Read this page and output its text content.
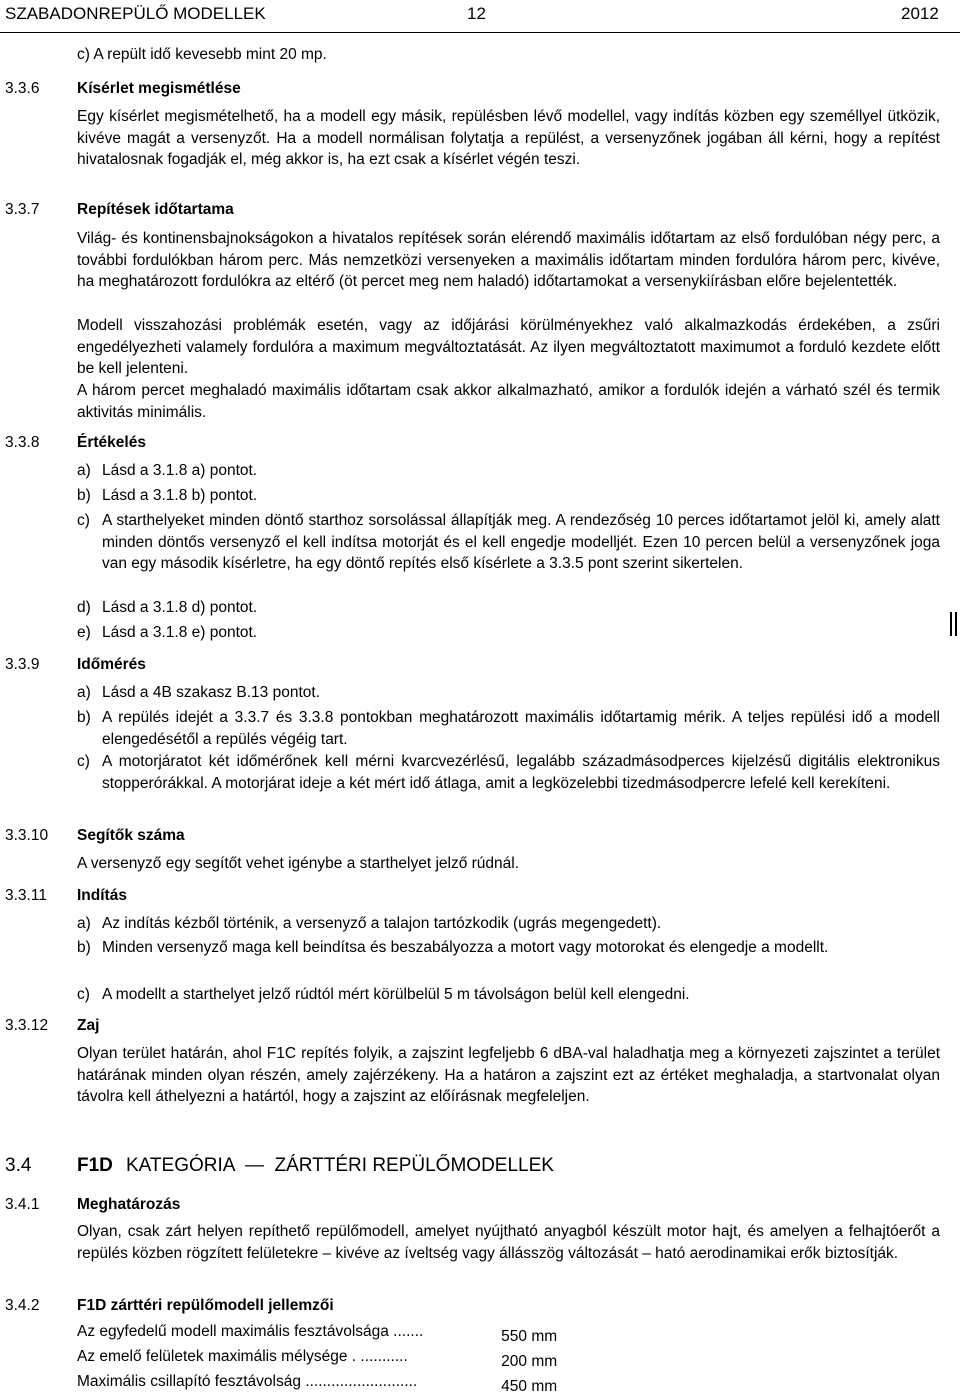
SZABADONREPÜLŐ MODELLEK	12	2012
c) A repült idő kevesebb mint 20 mp.
3.3.6 Kísérlet megismétlése
Egy kísérlet megismételhető, ha a modell egy másik, repülésben lévő modellel, vagy indítás közben egy személlyel ütközik, kivéve magát a versenyzőt. Ha a modell normálisan folytatja a repülést, a versenyzőnek jogában áll kérni, hogy a repítést hivatalosnak fogadják el, még akkor is, ha ezt csak a kísérlet végén teszi.
3.3.7 Repítések időtartama
Világ- és kontinensbajnokságokon a hivatalos repítések során elérendő maximális időtartam az első fordulóban négy perc, a további fordulókban három perc. Más nemzetközi versenyeken a maximális időtartam minden fordulóra három perc, kivéve, ha meghatározott fordulókra az eltérő (öt percet meg nem haladó) időtartamokat a versenykiírásban előre bejelentették.
Modell visszahozási problémák esetén, vagy az időjárási körülményekhez való alkalmazkodás érdekében, a zsűri engedélyezheti valamely fordulóra a maximum megváltoztatását. Az ilyen megváltoztatott maximumot a forduló kezdete előtt be kell jelenteni.
A három percet meghaladó maximális időtartam csak akkor alkalmazható, amikor a fordulók idején a várható szél és termik aktivitás minimális.
3.3.8 Értékelés
a) Lásd a 3.1.8 a) pontot.
b) Lásd a 3.1.8 b) pontot.
c) A starthelyeket minden döntő starthoz sorsolással állapítják meg. A rendezőség 10 perces időtartamot jelöl ki, amely alatt minden döntős versenyző el kell indítsa motorját és el kell engedje modelljét. Ezen 10 percen belül a versenyzőnek joga van egy második kísérletre, ha egy döntő repítés első kísérlete a 3.3.5 pont szerint sikertelen.
d) Lásd a 3.1.8 d) pontot.
e) Lásd a 3.1.8 e) pontot.
3.3.9 Időmérés
a) Lásd a 4B szakasz B.13 pontot.
b) A repülés idejét a 3.3.7 és 3.3.8 pontokban meghatározott maximális időtartamig mérik. A teljes repülési idő a modell elengedésétől a repülés végéig tart.
c) A motorjáratot két időmérőnek kell mérni kvarcvezérlésű, legalább századmásodperces kijelzésű digitális elektronikus stopperórákkal. A motorjárat ideje a két mért idő átlaga, amit a legközelebbi tizedmásodpercre lefelé kell kerekíteni.
3.3.10 Segítők száma
A versenyző egy segítőt vehet igénybe a starthelyet jelző rúdnál.
3.3.11 Indítás
a) Az indítás kézből történik, a versenyző a talajon tartózkodik (ugrás megengedett).
b) Minden versenyző maga kell beindítsa és beszabályozza a motort vagy motorokat és elengedje a modellt.
c) A modellt a starthelyet jelző rúdtól mért körülbelül 5 m távolságon belül kell elengedni.
3.3.12 Zaj
Olyan terület határán, ahol F1C repítés folyik, a zajszint legfeljebb 6 dBA-val haladhatja meg a környezeti zajszintet a terület határának minden olyan részén, amely zajérzékeny. Ha a határon a zajszint ezt az értéket meghaladja, a startvonalat olyan távolra kell áthelyezni a határtól, hogy a zajszint az előírásnak megfeleljen.
3.4 F1D KATEGÓRIA  —  ZÁRTTÉRI REPÜLŐMODELLEK
3.4.1 Meghatározás
Olyan, csak zárt helyen repíthető repülőmodell, amelyet nyújtható anyagból készült motor hajt, és amelyen a felhajtóerőt a repülés közben rögzített felületekre – kivéve az íveltség vagy állásszög változását – ható aerodinamikai erők biztosítják.
3.4.2 F1D zárttéri repülőmodell jellemzői
Az egyfedelű modell maximális fesztávolsága .......	550 mm
Az emelő felületek maximális mélysége . ...........	200 mm
Maximális csillapító fesztávolság ..........................	450 mm
